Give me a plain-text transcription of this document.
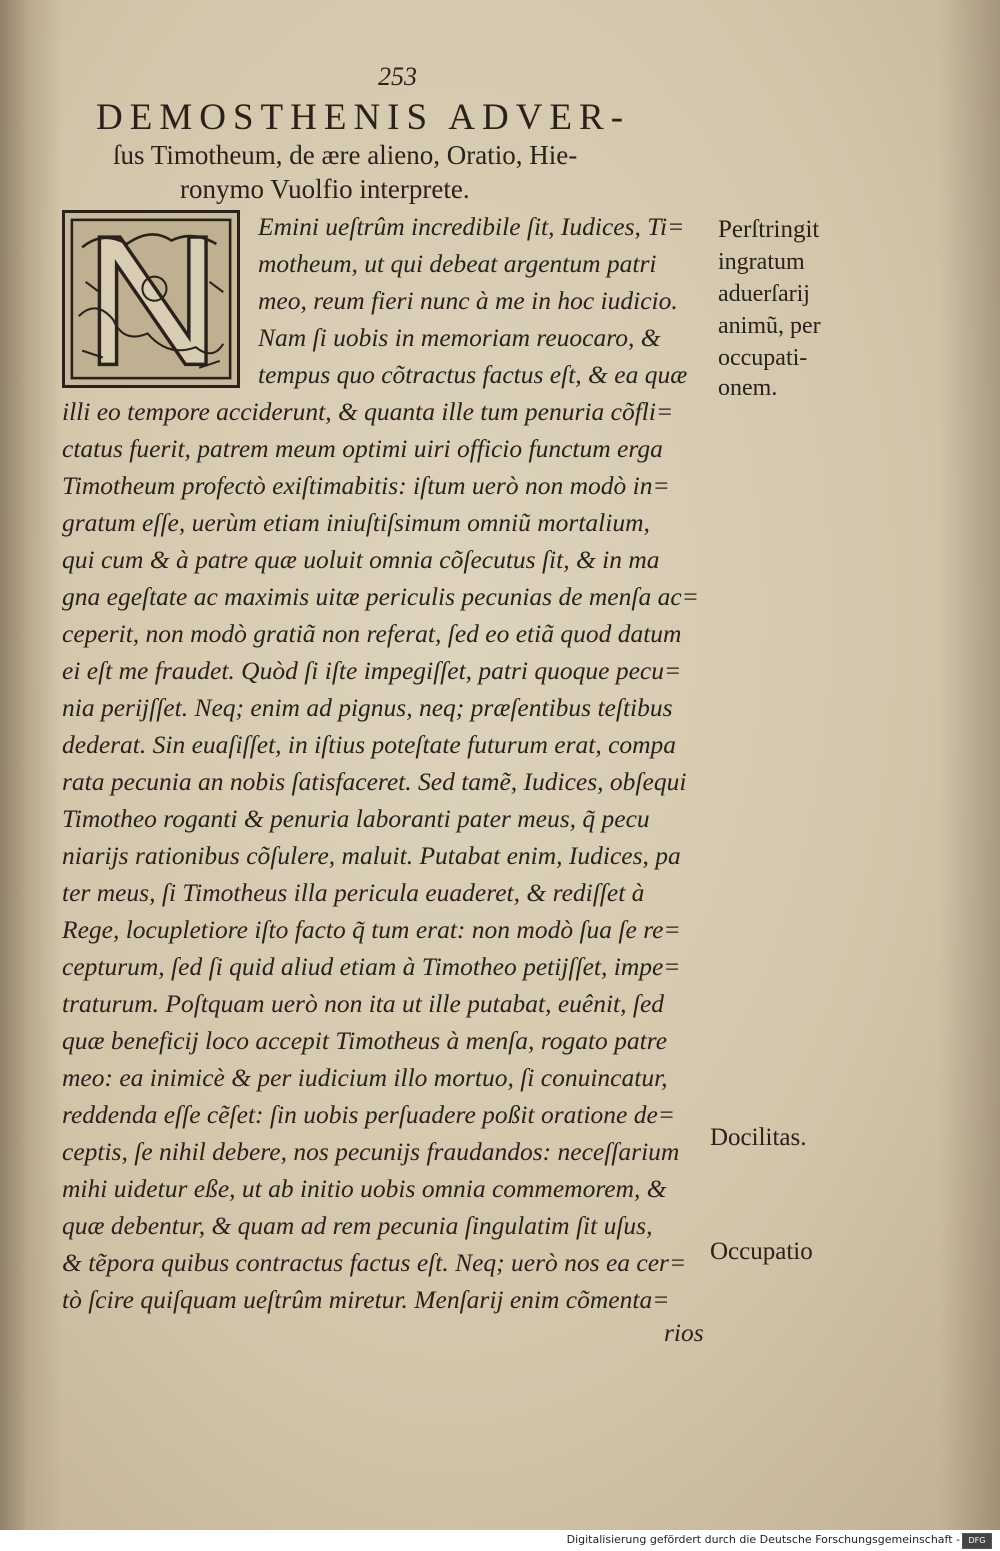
253
DEMOSTHENIS ADVER-
ſus Timotheum, de ære alieno, Oratio, Hie-
ronymo Vuolfio interprete.
Emini ueſtrûm incredibile ſit, Iudices, Ti=
motheum, ut qui debeat argentum patri
meo, reum fieri nunc à me in hoc iudicio.
Nam ſi uobis in memoriam reuocaro, &
tempus quo cõtractus factus eſt, & ea quæ
illi eo tempore acciderunt, & quanta ille tum penuria cõfli=
ctatus fuerit, patrem meum optimi uiri officio functum erga
Timotheum profectò exiſtimabitis: iſtum uerò non modò in=
gratum eſſe, uerùm etiam iniuſtiſsimum omniũ mortalium,
qui cum & à patre quæ uoluit omnia cõſecutus ſit, & in ma
gna egeſtate ac maximis uitæ periculis pecunias de menſa ac=
ceperit, non modò gratiã non referat, ſed eo etiã quod datum
ei eſt me fraudet. Quòd ſi iſte impegiſſet, patri quoque pecu=
nia perijſſet. Neq; enim ad pignus, neq; præſentibus teſtibus
dederat. Sin euaſiſſet, in iſtius poteſtate futurum erat, compa
rata pecunia an nobis ſatisfaceret. Sed tamẽ, Iudices, obſequi
Timotheo roganti & penuria laboranti pater meus, q̃ pecu
niarijs rationibus cõſulere, maluit. Putabat enim, Iudices, pa
ter meus, ſi Timotheus illa pericula euaderet, & rediſſet à
Rege, locupletiore iſto facto q̃ tum erat: non modò ſua ſe re=
cepturum, ſed ſi quid aliud etiam à Timotheo petijſſet, impe=
traturum. Poſtquam uerò non ita ut ille putabat, euênit, ſed
quæ beneficij loco accepit Timotheus à menſa, rogato patre
meo: ea inimicè & per iudicium illo mortuo, ſi conuincatur,
reddenda eſſe cẽſet: ſin uobis perſuadere poßit oratione de=
ceptis, ſe nihil debere, nos pecunijs fraudandos: neceſſarium
mihi uidetur eße, ut ab initio uobis omnia commemorem, &
quæ debentur, & quam ad rem pecunia ſingulatim ſit uſus,
& tẽpora quibus contractus factus eſt. Neq; uerò nos ea cer=
tò ſcire quiſquam ueſtrûm miretur. Menſarij enim cõmenta=
rios
Perſtringit
ingratum
aduerſarij
animũ, per
occupati-
onem.
Docilitas.
Occupatio
Digitalisierung gefördert durch die Deutsche Forschungsgemeinschaft -	DFG
